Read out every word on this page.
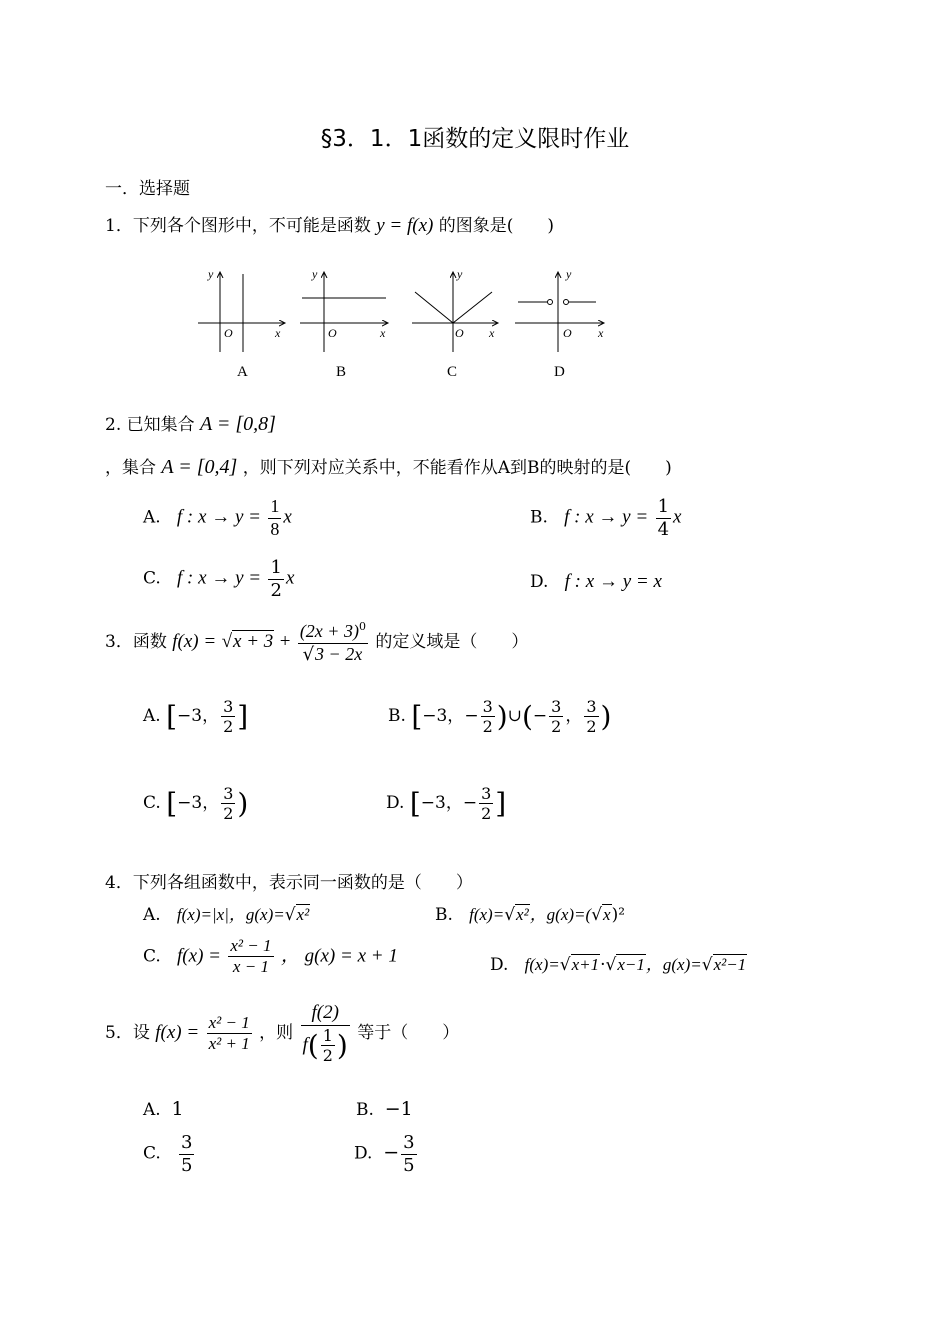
§3．1．1函数的定义限时作业
一．选择题
1．下列各个图形中，不可能是函数 y = f(x) 的图象是(　　)
y
O	x
A
y
O	x
B
y
O x
C
y
O x
D
2. 已知集合 A = [0,8]
，集合 A = [0,4] ，则下列对应关系中，不能看作从A到B的映射的是(　　)
A. f : $x \to y = \frac{1}{8}$ x	B. f : $x \to y = \frac{1}{4}$ x
C. f : $x \to y = \frac{1}{2}$ x	D. f : x → y = x
3．函数 $f(x) = √x + 3 + \frac{(2x + 3)^0}{√3 - 2x}$ 的定义域是（　　）
A. [−3， $\frac{3}{2}$ ]	B. [−3，− $\frac{3}{2}$ )∪(− $\frac{3}{2}$ ， $\frac{3}{2}$ )
C. [−3， $\frac{3}{2}$ )	D. [−3，− $\frac{3}{2}$ ]
4．下列各组函数中，表示同一函数的是（　　）
A. f(x)=|x|，g(x)=√x²	B. f(x)=√x²，g(x)=(√x)²
C. $f(x) = \frac{\text{x² − 1}}{x - 1}$ ， g(x) = x + 1	D. f(x)=√x+1·√x−1，g(x)=√x²−1
5．设 $f(x) = \frac{\text{x² − 1}}{\text{x² + 1}}$ ，则 $\frac{f(2)}{f( \frac{1}{2} )}$ 等于（　　）
A. 1	B. −1
C. $\frac{3}{5}$	D. − $\frac{3}{5}$
